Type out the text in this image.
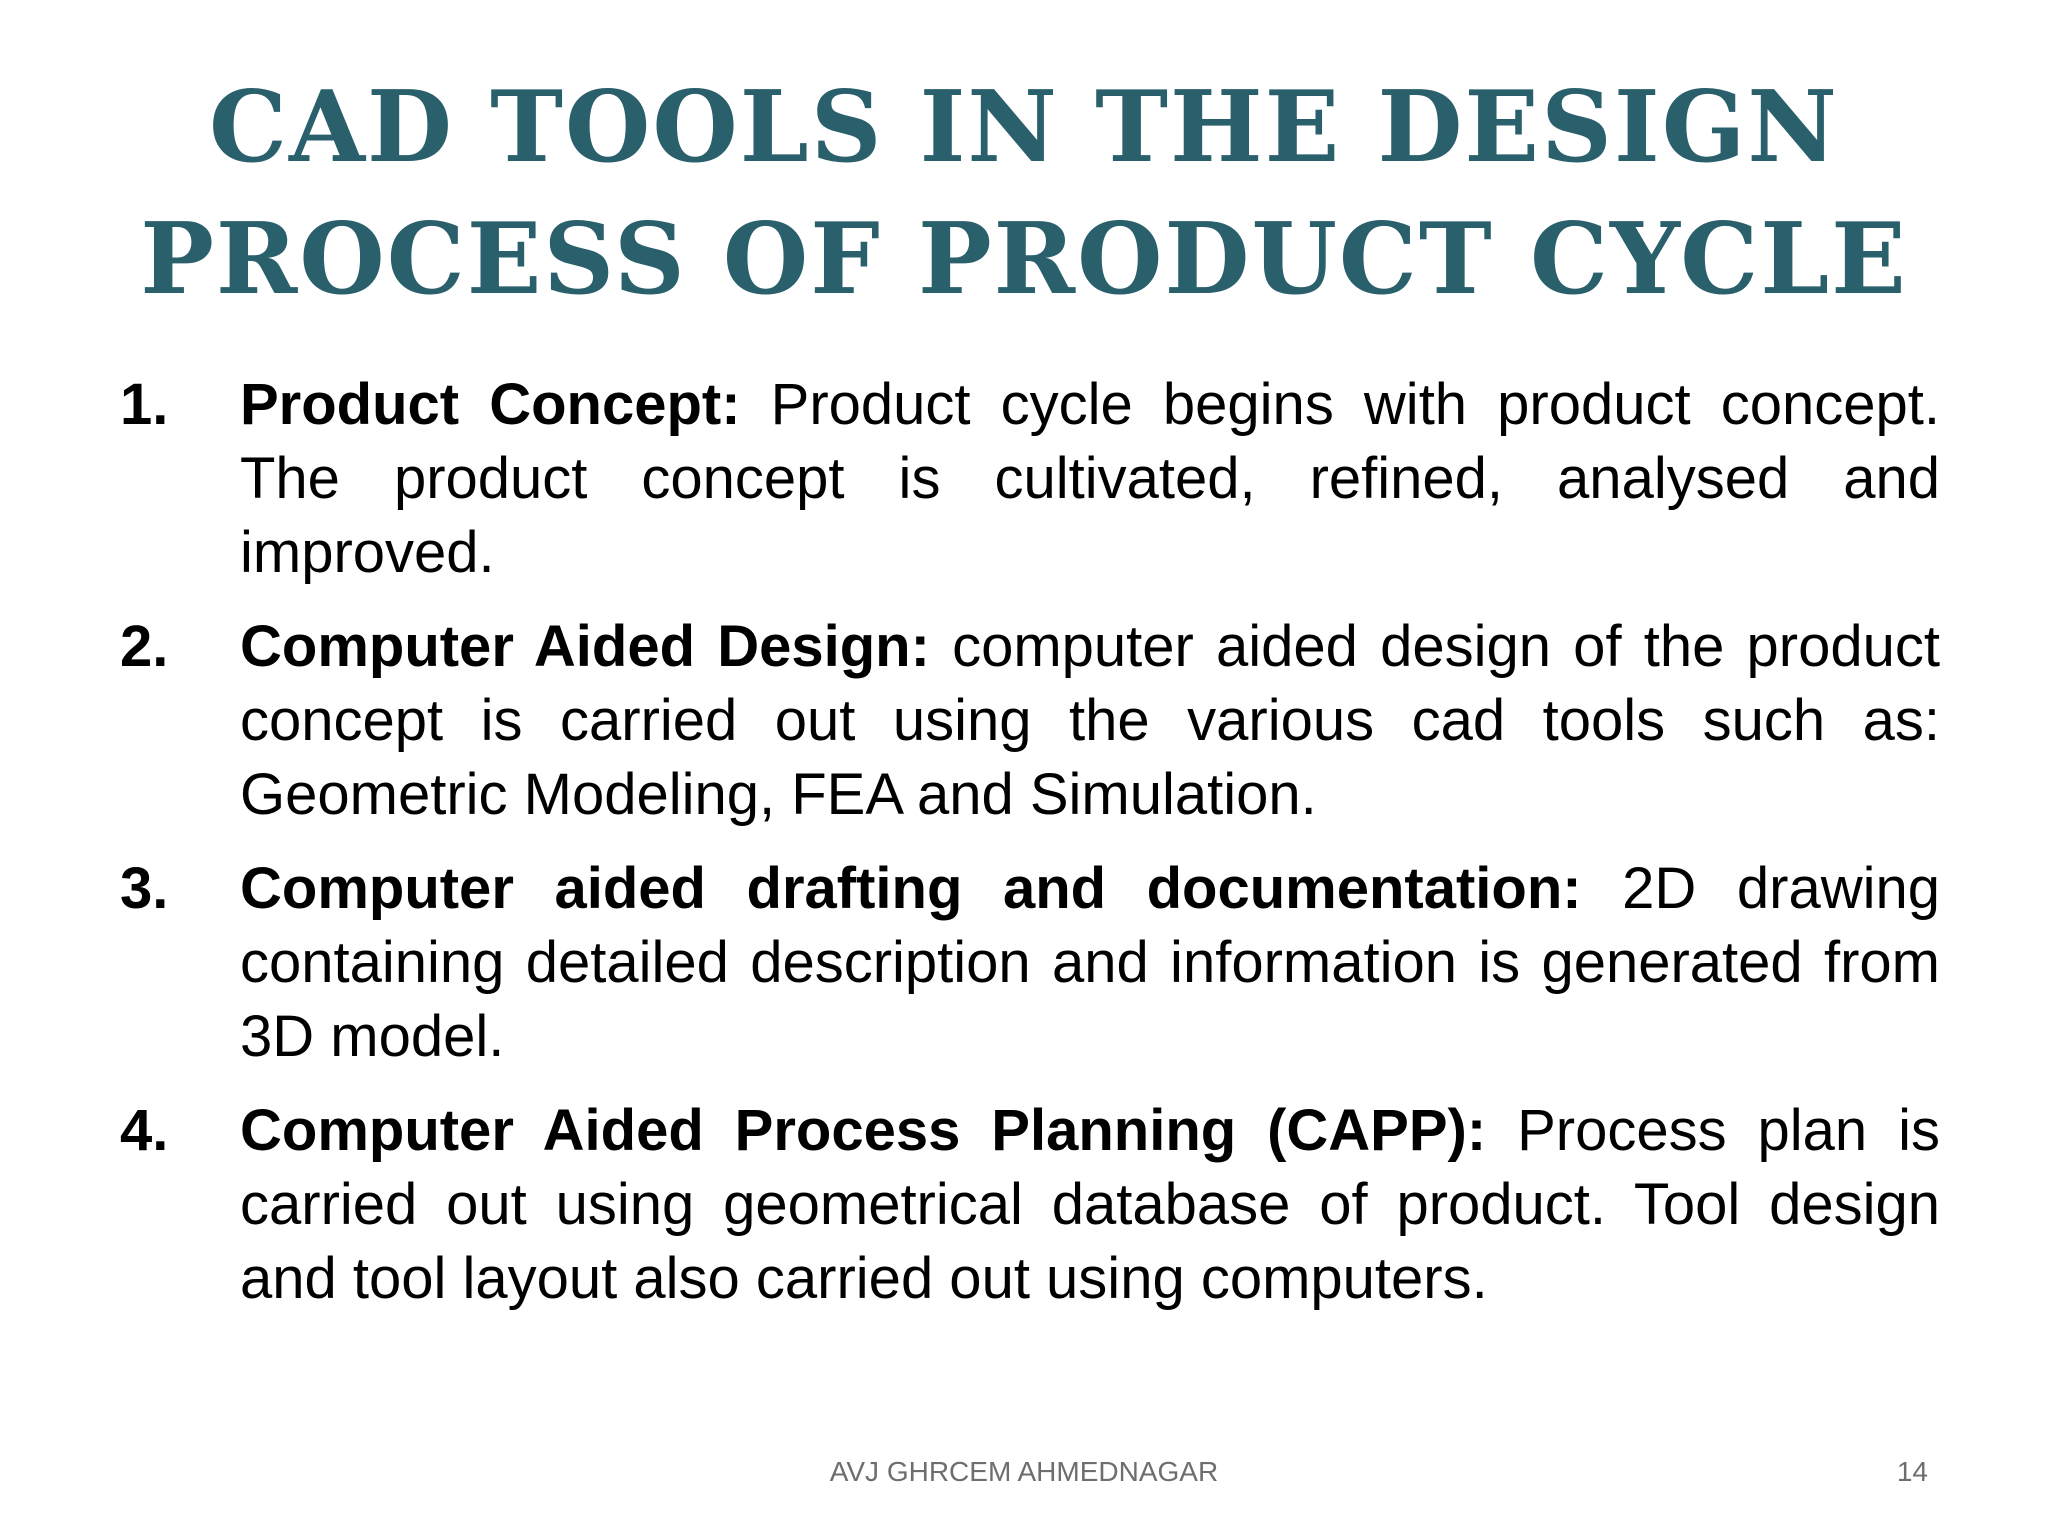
CAD TOOLS IN THE DESIGN
PROCESS OF PRODUCT CYCLE
1. Product Concept: Product cycle begins with product concept. The product concept is cultivated, refined, analysed and improved.
2. Computer Aided Design: computer aided design of the product concept is carried out using the various cad tools such as: Geometric Modeling, FEA and Simulation.
3. Computer aided drafting and documentation: 2D drawing containing detailed description and information is generated from 3D model.
4. Computer Aided Process Planning (CAPP): Process plan is carried out using geometrical database of product. Tool design and tool layout also carried out using computers.
AVJ GHRCEM AHMEDNAGAR	14
